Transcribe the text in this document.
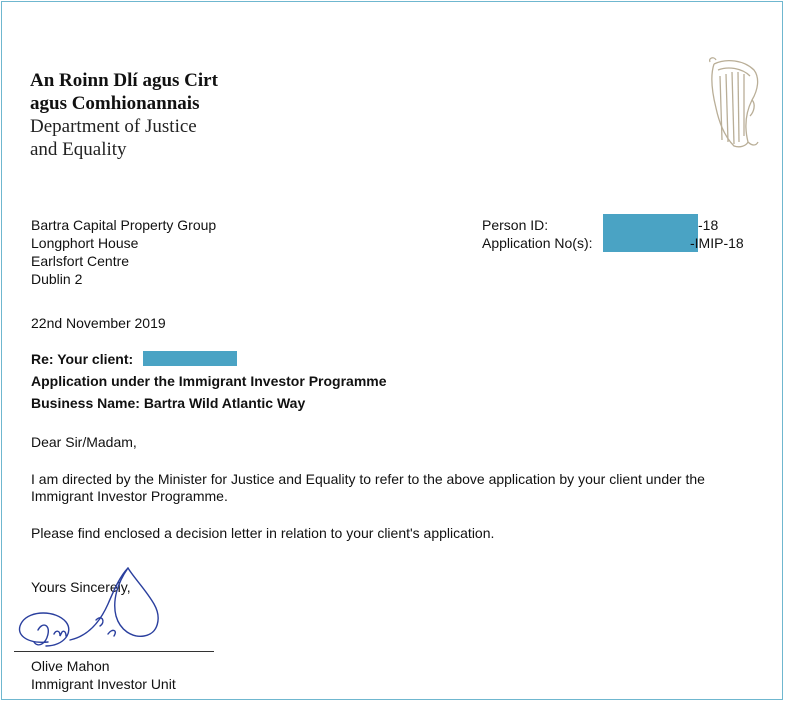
An Roinn Dlí agus Cirt
agus Comhionannais
Department of Justice
and Equality
Bartra Capital Property Group
Longphort House
Earlsfort Centre
Dublin 2
Person ID:	-18
Application No(s):	-IMIP-18
22nd November 2019
Re: Your client:
Application under the Immigrant Investor Programme
Business Name: Bartra Wild Atlantic Way
Dear Sir/Madam,
I am directed by the Minister for Justice and Equality to refer to the above application by your client under the
Immigrant Investor Programme.
Please find enclosed a decision letter in relation to your client's application.
Yours Sincerely,
Olive Mahon
Immigrant Investor Unit
